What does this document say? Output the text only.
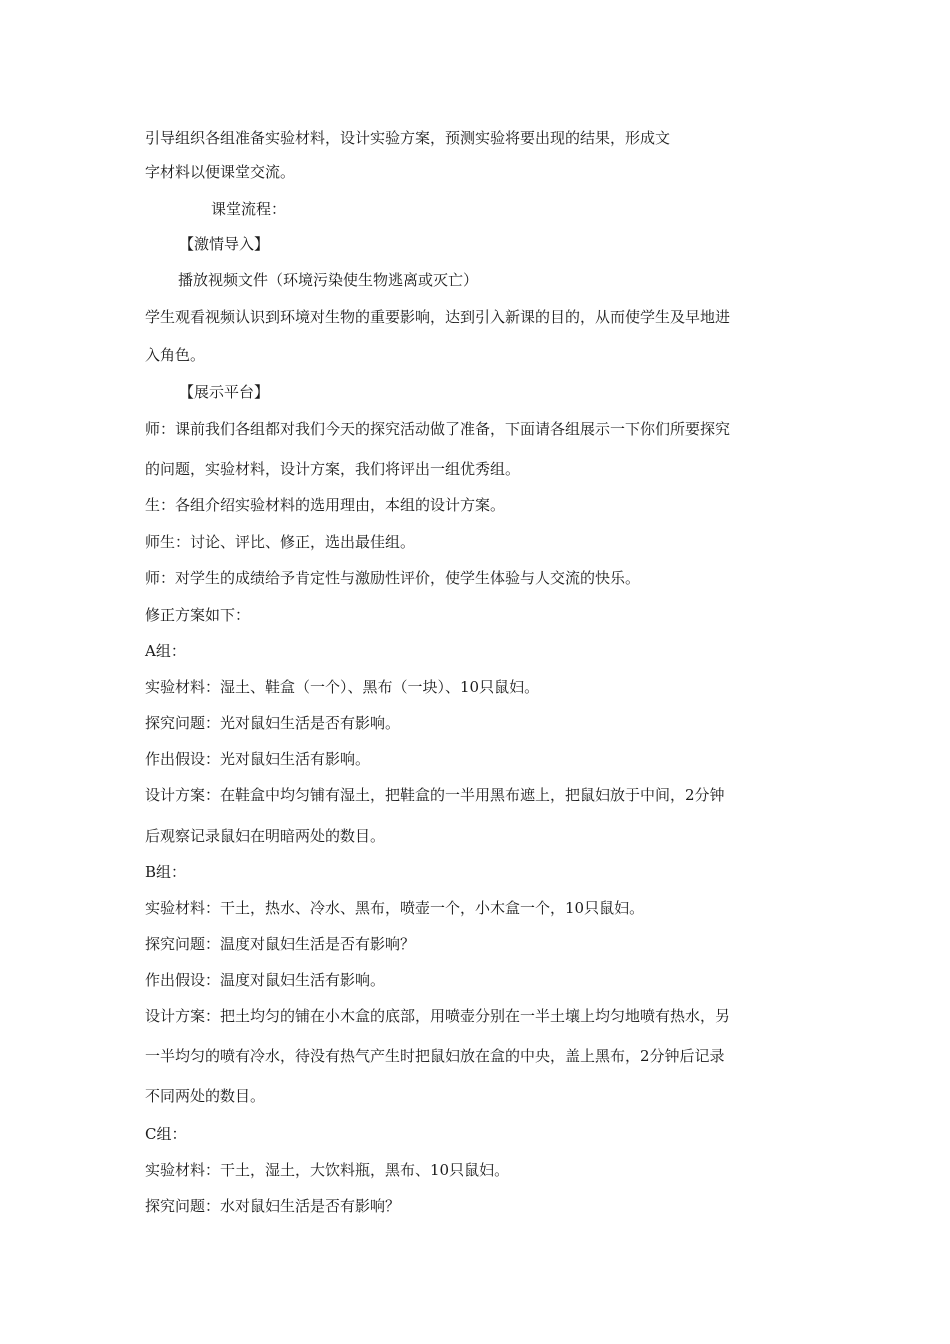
引导组织各组准备实验材料，设计实验方案，预测实验将要出现的结果，形成文
字材料以便课堂交流。
课堂流程：
【激情导入】
播放视频文件（环境污染使生物逃离或灭亡）
学生观看视频认识到环境对生物的重要影响，达到引入新课的目的，从而使学生及早地进
入角色。
【展示平台】
师：课前我们各组都对我们今天的探究活动做了准备，下面请各组展示一下你们所要探究
的问题，实验材料，设计方案，我们将评出一组优秀组。
生：各组介绍实验材料的选用理由，本组的设计方案。
师生：讨论、评比、修正，选出最佳组。
师：对学生的成绩给予肯定性与激励性评价，使学生体验与人交流的快乐。
修正方案如下：
A组：
实验材料：湿土、鞋盒（一个）、黑布（一块）、10只鼠妇。
探究问题：光对鼠妇生活是否有影响。
作出假设：光对鼠妇生活有影响。
设计方案：在鞋盒中均匀铺有湿土，把鞋盒的一半用黑布遮上，把鼠妇放于中间，2分钟
后观察记录鼠妇在明暗两处的数目。
B组：
实验材料：干土，热水、冷水、黑布，喷壶一个，小木盒一个，10只鼠妇。
探究问题：温度对鼠妇生活是否有影响？
作出假设：温度对鼠妇生活有影响。
设计方案：把土均匀的铺在小木盒的底部，用喷壶分别在一半土壤上均匀地喷有热水，另
一半均匀的喷有冷水，待没有热气产生时把鼠妇放在盒的中央，盖上黑布，2分钟后记录
不同两处的数目。
C组：
实验材料：干土，湿土，大饮料瓶，黑布、10只鼠妇。
探究问题：水对鼠妇生活是否有影响？
